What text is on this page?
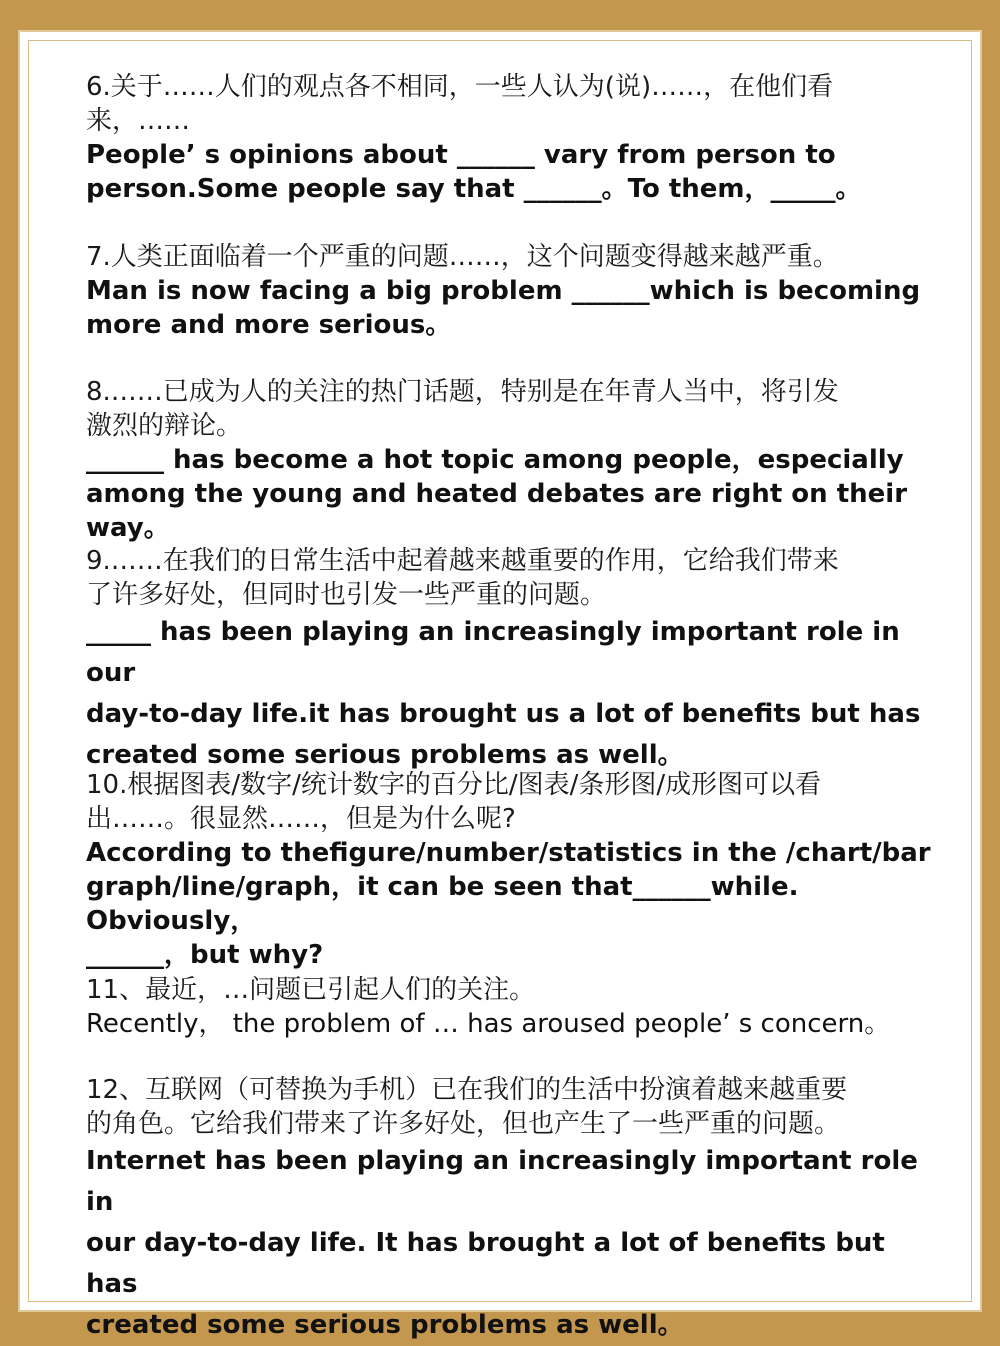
6.关于……人们的观点各不相同，一些人认为(说)……，在他们看

来，……

People’ s opinions about ______ vary from person to

person.Some people say that ______。To them，_____。

7.人类正面临着一个严重的问题……，这个问题变得越来越严重。

Man is now facing a big problem ______which is becoming

more and more serious。

8.……已成为人的关注的热门话题，特别是在年青人当中，将引发

激烈的辩论。

______ has become a hot topic among people，especially

among the young and heated debates are right on their way。

9.……在我们的日常生活中起着越来越重要的作用，它给我们带来

了许多好处，但同时也引发一些严重的问题。

_____ has been playing an increasingly important role in our

day-to-day life.it has brought us a lot of benefits but has

created some serious problems as well。

10.根据图表/数字/统计数字的百分比/图表/条形图/成形图可以看

出……。很显然……，但是为什么呢?

According to thefigure/number/statistics in the /chart/bar

graph/line/graph，it can be seen that______while. Obviously，

______，but why?

11、最近，…问题已引起人们的关注。

Recently， the problem of … has aroused people’ s concern。

12、互联网（可替换为手机）已在我们的生活中扮演着越来越重要

的角色。它给我们带来了许多好处，但也产生了一些严重的问题。

Internet has been playing an increasingly important role in

our day-to-day life. It has brought a lot of benefits but has

created some serious problems as well。
